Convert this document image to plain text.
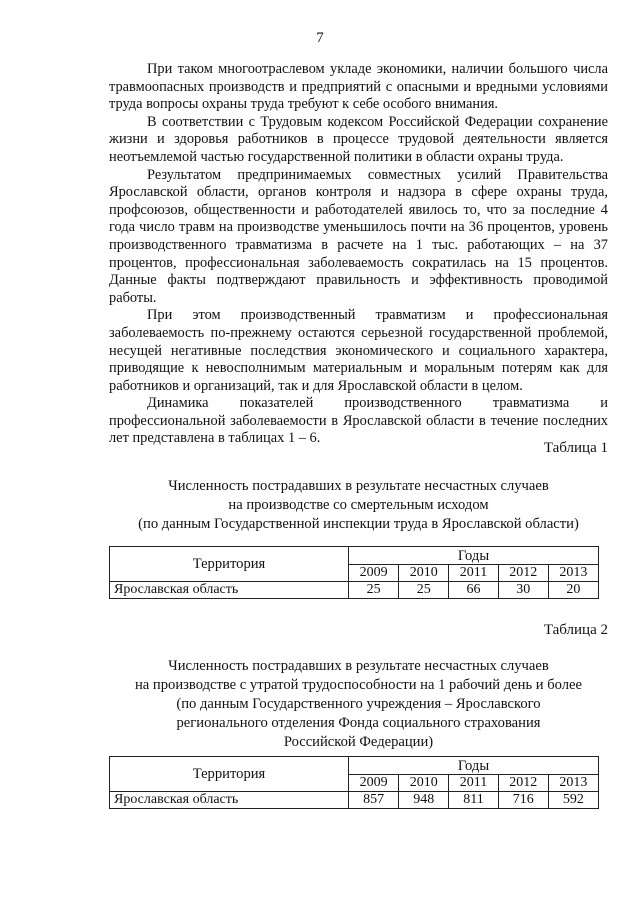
7

При таком многоотраслевом укладе экономики, наличии большого числа травмоопасных производств и предприятий с опасными и вредными условиями труда вопросы охраны труда требуют к себе особого внимания.

В соответствии с Трудовым кодексом Российской Федерации сохранение жизни и здоровья работников в процессе трудовой деятельности является неотъемлемой частью государственной политики в области охраны труда.

Результатом предпринимаемых совместных усилий Правительства Ярославской области, органов контроля и надзора в сфере охраны труда, профсоюзов, общественности и работодателей явилось то, что за последние 4 года число травм на производстве уменьшилось почти на 36 процентов, уровень производственного травматизма в расчете на 1 тыс. работающих – на 37 процентов, профессиональная заболеваемость сократилась на 15 процентов. Данные факты подтверждают правильность и эффективность проводимой работы.

При этом производственный травматизм и профессиональная заболеваемость по-прежнему остаются серьезной государственной проблемой, несущей негативные последствия экономического и социального характера, приводящие к невосполнимым материальным и моральным потерям как для работников и организаций, так и для Ярославской области в целом.

Динамика показателей производственного травматизма и профессиональной заболеваемости в Ярославской области в течение последних лет представлена в таблицах 1 – 6.

Таблица 1
Численность пострадавших в результате несчастных случаев
на производстве со смертельным исходом
(по данным Государственной инспекции труда в Ярославской области)
Территория	Годы				
	2009	2010	2011	2012	2013
Ярославская область	25	25	66	30	20
Таблица 2
Численность пострадавших в результате несчастных случаев
на производстве с утратой трудоспособности на 1 рабочий день и более
(по данным Государственного учреждения – Ярославского
регионального отделения Фонда социального страхования
Российской Федерации)
Территория	Годы				
	2009	2010	2011	2012	2013
Ярославская область	857	948	811	716	592
